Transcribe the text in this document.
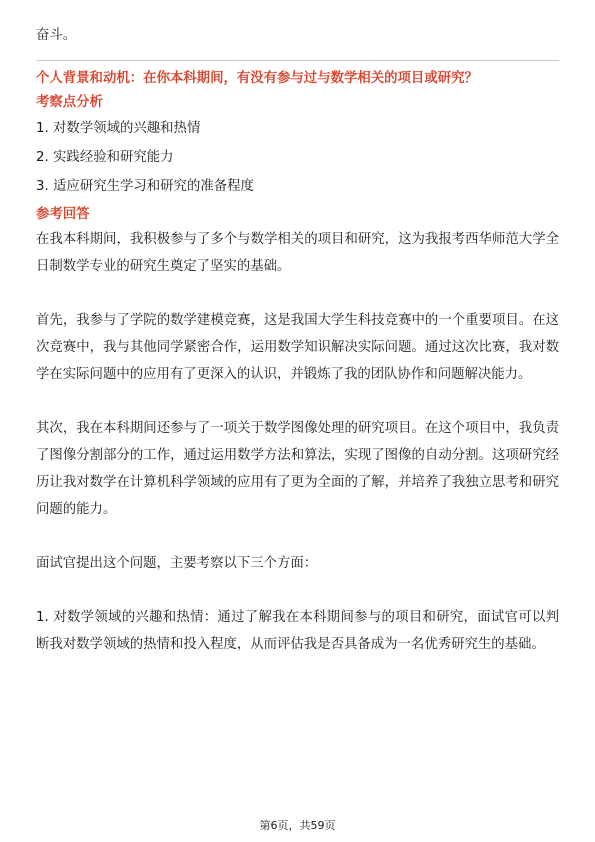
奋斗。

个人背景和动机：在你本科期间，有没有参与过与数学相关的项目或研究？

考察点分析

1. 对数学领域的兴趣和热情
2. 实践经验和研究能力
3. 适应研究生学习和研究的准备程度

参考回答

在我本科期间，我积极参与了多个与数学相关的项目和研究，这为我报考西华师范大学全日制数学专业的研究生奠定了坚实的基础。

首先，我参与了学院的数学建模竞赛，这是我国大学生科技竞赛中的一个重要项目。在这次竞赛中，我与其他同学紧密合作，运用数学知识解决实际问题。通过这次比赛，我对数学在实际问题中的应用有了更深入的认识，并锻炼了我的团队协作和问题解决能力。

其次，我在本科期间还参与了一项关于数学图像处理的研究项目。在这个项目中，我负责了图像分割部分的工作，通过运用数学方法和算法，实现了图像的自动分割。这项研究经历让我对数学在计算机科学领域的应用有了更为全面的了解，并培养了我独立思考和研究问题的能力。

面试官提出这个问题，主要考察以下三个方面：

1. 对数学领域的兴趣和热情：通过了解我在本科期间参与的项目和研究，面试官可以判断我对数学领域的热情和投入程度，从而评估我是否具备成为一名优秀研究生的基础。

第6页，共59页
